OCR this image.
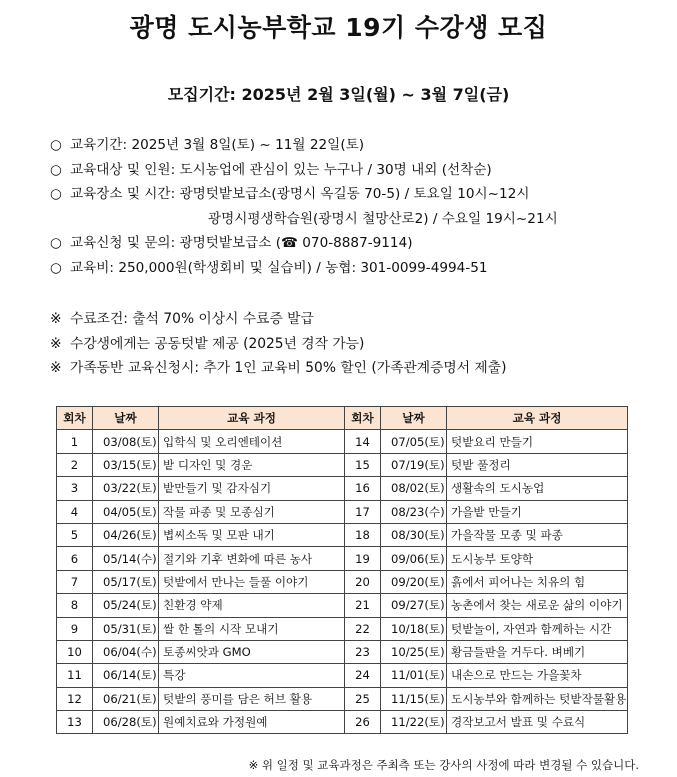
광명 도시농부학교 19기 수강생 모집
모집기간: 2025년 2월 3일(월) ~ 3월 7일(금)
○ 교육기간: 2025년 3월 8일(토) ~ 11월 22일(토)
○ 교육대상 및 인원: 도시농업에 관심이 있는 누구나 / 30명 내외 (선착순)
○ 교육장소 및 시간: 광명텃밭보급소(광명시 옥길동 70-5) / 토요일 10시~12시
광명시평생학습원(광명시 철망산로2) / 수요일 19시~21시
○ 교육신청 및 문의: 광명텃밭보급소 (☎ 070-8887-9114)
○ 교육비: 250,000원(학생회비 및 실습비) / 농협: 301-0099-4994-51
※ 수료조건: 출석 70% 이상시 수료증 발급
※ 수강생에게는 공동텃밭 제공 (2025년 경작 가능)
※ 가족동반 교육신청시: 추가 1인 교육비 50% 할인 (가족관계증명서 제출)
회차	날짜	교육 과정	회차	날짜	교육 과정
1	03/08(토)	입학식 및 오리엔테이션	14	07/05(토)	텃밭요리 만들기
2	03/15(토)	밭 디자인 및 경운	15	07/19(토)	텃밭 풀정리
3	03/22(토)	밭만들기 및 감자심기	16	08/02(토)	생활속의 도시농업
4	04/05(토)	작물 파종 및 모종심기	17	08/23(수)	가을밭 만들기
5	04/26(토)	볍씨소독 및 모판 내기	18	08/30(토)	가을작물 모종 및 파종
6	05/14(수)	절기와 기후 변화에 따른 농사	19	09/06(토)	도시농부 토양학
7	05/17(토)	텃밭에서 만나는 들풀 이야기	20	09/20(토)	흙에서 피어나는 치유의 힘
8	05/24(토)	친환경 약제	21	09/27(토)	농촌에서 찾는 새로운 삶의 이야기
9	05/31(토)	쌀 한 톨의 시작 모내기	22	10/18(토)	텃밭놀이, 자연과 함께하는 시간
10	06/04(수)	토종씨앗과 GMO	23	10/25(토)	황금들판을 거두다. 벼베기
11	06/14(토)	특강	24	11/01(토)	내손으로 만드는 가을꽃차
12	06/21(토)	텃밭의 풍미를 담은 허브 활용	25	11/15(토)	도시농부와 함께하는 텃밭작물활용
13	06/28(토)	원예치료와 가정원예	26	11/22(토)	경작보고서 발표 및 수료식
※ 위 일정 및 교육과정은 주최측 또는 강사의 사정에 따라 변경될 수 있습니다.
